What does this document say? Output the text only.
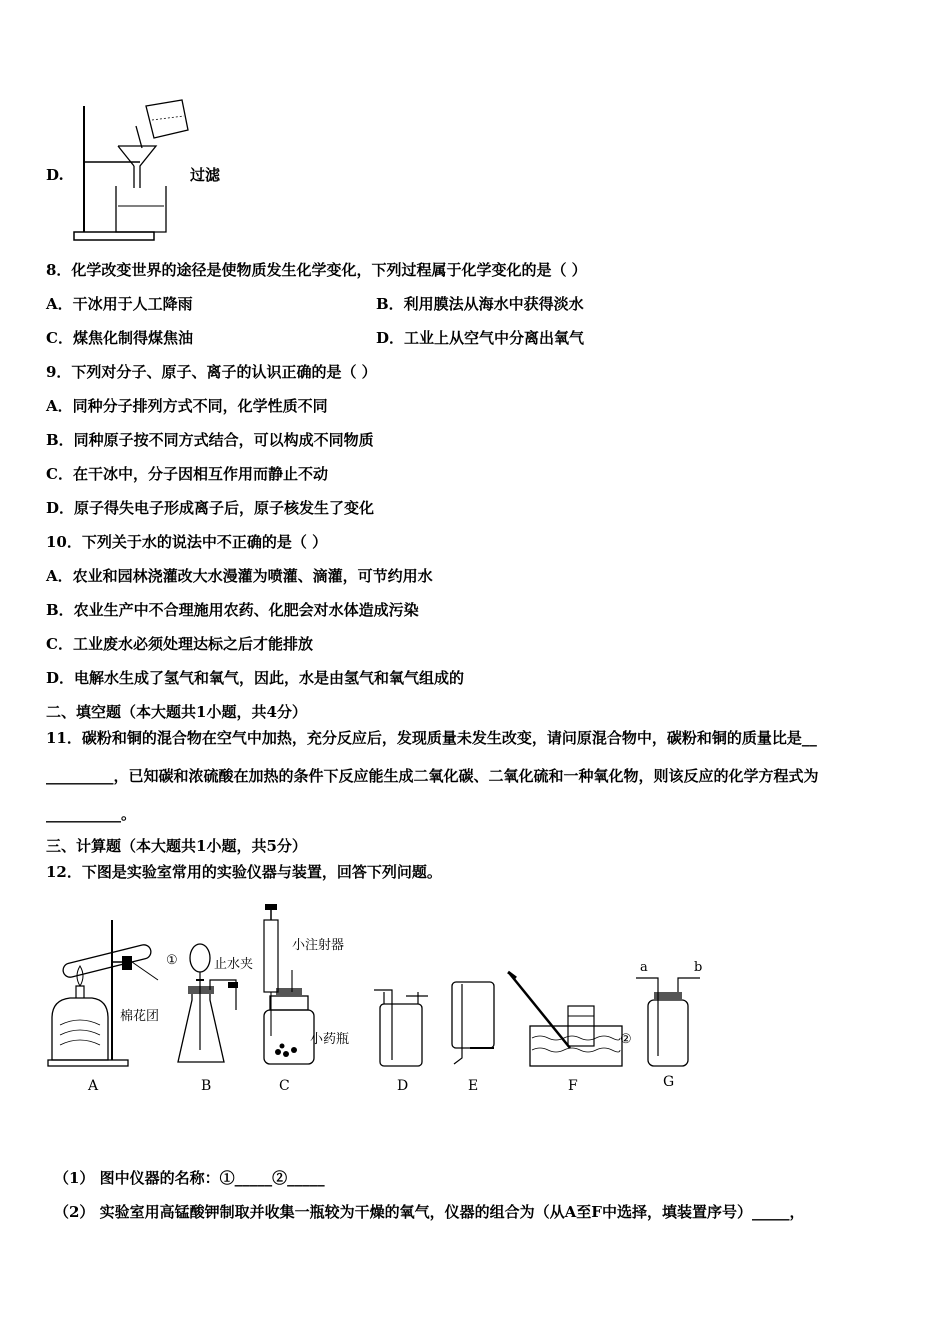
D.	过滤
8．化学改变世界的途径是使物质发生化学变化，下列过程属于化学变化的是（ ）
A．干冰用于人工降雨	B．利用膜法从海水中获得淡水
C．煤焦化制得煤焦油	D．工业上从空气中分离出氧气
9．下列对分子、原子、离子的认识正确的是（ ）
A．同种分子排列方式不同，化学性质不同
B．同种原子按不同方式结合，可以构成不同物质
C．在干冰中，分子因相互作用而静止不动
D．原子得失电子形成离子后，原子核发生了变化
10．下列关于水的说法中不正确的是（ ）
A．农业和园林浇灌改大水漫灌为喷灌、滴灌，可节约用水
B．农业生产中不合理施用农药、化肥会对水体造成污染
C．工业废水必须处理达标之后才能排放
D．电解水生成了氢气和氧气，因此，水是由氢气和氧气组成的
二、填空题（本大题共1小题，共4分）
11．碳粉和铜的混合物在空气中加热，充分反应后，发现质量未发生改变，请问原混合物中，碳粉和铜的质量比是__
_________，已知碳和浓硫酸在加热的条件下反应能生成二氧化碳、二氧化硫和一种氧化物，则该反应的化学方程式为
__________。
三、计算题（本大题共1小题，共5分）
12．下图是实验室常用的实验仪器与装置，回答下列问题。
棉花团
①	止水夹
小注射器
小药瓶	②
a	b
A	B	C	D	E	F	G
（1） 图中仪器的名称：①_____②_____
（2） 实验室用高锰酸钾制取并收集一瓶较为干燥的氧气，仪器的组合为（从A至F中选择，填装置序号）_____，
